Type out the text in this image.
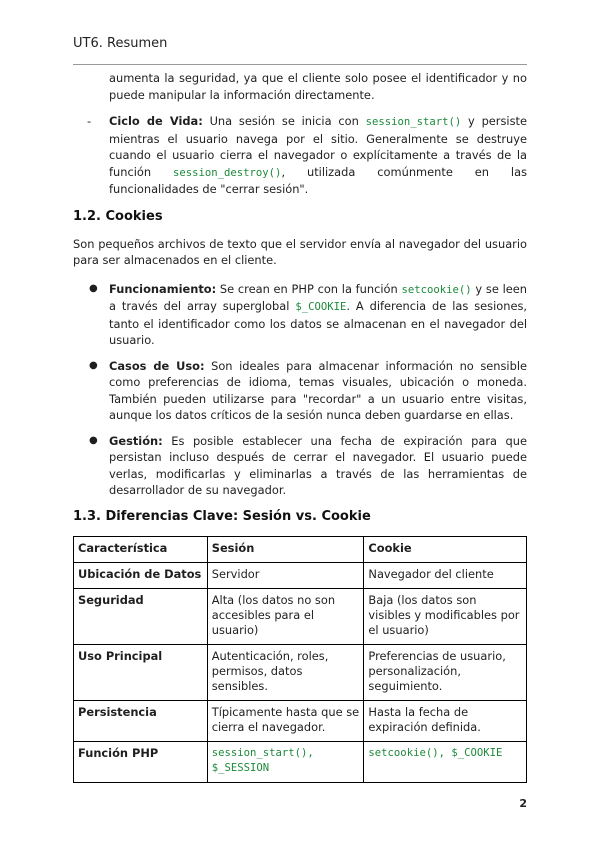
UT6. Resumen

aumenta la seguridad, ya que el cliente solo posee el identificador y no puede manipular la información directamente.

- Ciclo de Vida: Una sesión se inicia con session_start() y persiste mientras el usuario navega por el sitio. Generalmente se destruye cuando el usuario cierra el navegador o explícitamente a través de la función session_destroy(), utilizada comúnmente en las funcionalidades de "cerrar sesión".

1.2. Cookies

Son pequeños archivos de texto que el servidor envía al navegador del usuario para ser almacenados en el cliente.

● Funcionamiento: Se crean en PHP con la función setcookie() y se leen a través del array superglobal $_COOKIE. A diferencia de las sesiones, tanto el identificador como los datos se almacenan en el navegador del usuario.

● Casos de Uso: Son ideales para almacenar información no sensible como preferencias de idioma, temas visuales, ubicación o moneda. También pueden utilizarse para "recordar" a un usuario entre visitas, aunque los datos críticos de la sesión nunca deben guardarse en ellas.

● Gestión: Es posible establecer una fecha de expiración para que persistan incluso después de cerrar el navegador. El usuario puede verlas, modificarlas y eliminarlas a través de las herramientas de desarrollador de su navegador.

1.3. Diferencias Clave: Sesión vs. Cookie
Característica	Sesión	Cookie
Ubicación de Datos	Servidor	Navegador del cliente
Seguridad	Alta (los datos no son accesibles para el usuario)	Baja (los datos son visibles y modificables por el usuario)
Uso Principal	Autenticación, roles, permisos, datos sensibles.	Preferencias de usuario, personalización, seguimiento.
Persistencia	Típicamente hasta que se cierra el navegador.	Hasta la fecha de expiración definida.
Función PHP	session_start(), $_SESSION	setcookie(), $_COOKIE
2
